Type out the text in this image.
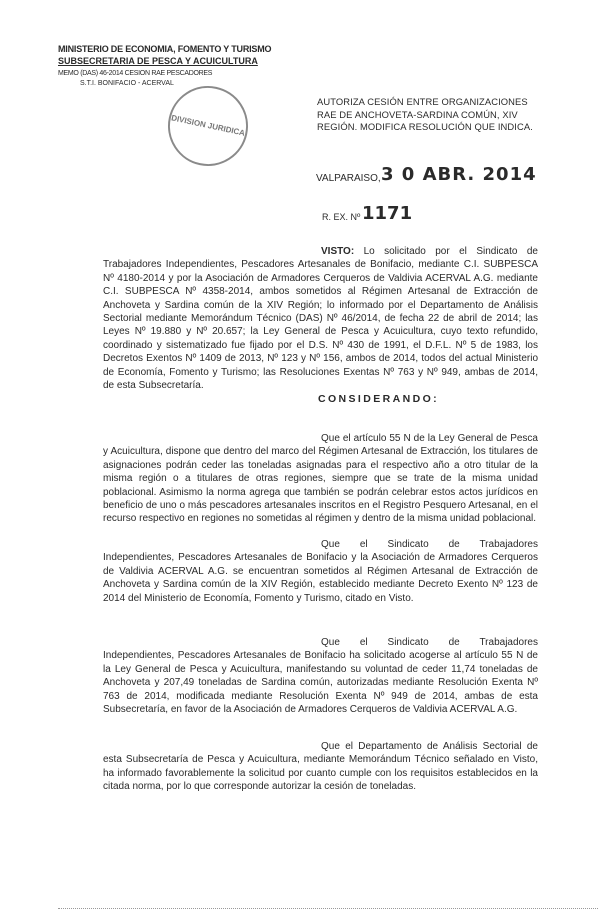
MINISTERIO DE ECONOMIA, FOMENTO Y TURISMO
SUBSECRETARIA DE PESCA Y ACUICULTURA
MEMO (DAS) 46-2014 CESION RAE PESCADORES
S.T.I. BONIFACIO - ACERVAL
DIVISION JURIDICA
AUTORIZA CESIÓN ENTRE ORGANIZACIONES RAE DE ANCHOVETA-SARDINA COMÚN, XIV REGIÓN. MODIFICA RESOLUCIÓN QUE INDICA.
VALPARAISO, 3 0 ABR. 2014
R. EX. Nº 1171

VISTO: Lo solicitado por el Sindicato de Trabajadores Independientes, Pescadores Artesanales de Bonifacio, mediante C.I. SUBPESCA Nº 4180-2014 y por la Asociación de Armadores Cerqueros de Valdivia ACERVAL A.G. mediante C.I. SUBPESCA Nº 4358-2014, ambos sometidos al Régimen Artesanal de Extracción de Anchoveta y Sardina común de la XIV Región; lo informado por el Departamento de Análisis Sectorial mediante Memorándum Técnico (DAS) Nº 46/2014, de fecha 22 de abril de 2014; las Leyes Nº 19.880 y Nº 20.657; la Ley General de Pesca y Acuicultura, cuyo texto refundido, coordinado y sistematizado fue fijado por el D.S. Nº 430 de 1991, el D.F.L. Nº 5 de 1983, los Decretos Exentos Nº 1409 de 2013, Nº 123 y Nº 156, ambos de 2014, todos del actual Ministerio de Economía, Fomento y Turismo; las Resoluciones Exentas Nº 763 y Nº 949, ambas de 2014, de esta Subsecretaría.

CONSIDERANDO:

Que el artículo 55 N de la Ley General de Pesca y Acuicultura, dispone que dentro del marco del Régimen Artesanal de Extracción, los titulares de asignaciones podrán ceder las toneladas asignadas para el respectivo año a otro titular de la misma región o a titulares de otras regiones, siempre que se trate de la misma unidad poblacional. Asimismo la norma agrega que también se podrán celebrar estos actos jurídicos en beneficio de uno o más pescadores artesanales inscritos en el Registro Pesquero Artesanal, en el recurso respectivo en regiones no sometidas al régimen y dentro de la misma unidad poblacional.

Que el Sindicato de Trabajadores Independientes, Pescadores Artesanales de Bonifacio y la Asociación de Armadores Cerqueros de Valdivia ACERVAL A.G. se encuentran sometidos al Régimen Artesanal de Extracción de Anchoveta y Sardina común de la XIV Región, establecido mediante Decreto Exento Nº 123 de 2014 del Ministerio de Economía, Fomento y Turismo, citado en Visto.

Que el Sindicato de Trabajadores Independientes, Pescadores Artesanales de Bonifacio ha solicitado acogerse al artículo 55 N de la Ley General de Pesca y Acuicultura, manifestando su voluntad de ceder 11,74 toneladas de Anchoveta y 207,49 toneladas de Sardina común, autorizadas mediante Resolución Exenta Nº 763 de 2014, modificada mediante Resolución Exenta Nº 949 de 2014, ambas de esta Subsecretaría, en favor de la Asociación de Armadores Cerqueros de Valdivia ACERVAL A.G.

Que el Departamento de Análisis Sectorial de esta Subsecretaría de Pesca y Acuicultura, mediante Memorándum Técnico señalado en Visto, ha informado favorablemente la solicitud por cuanto cumple con los requisitos establecidos en la citada norma, por lo que corresponde autorizar la cesión de toneladas.
